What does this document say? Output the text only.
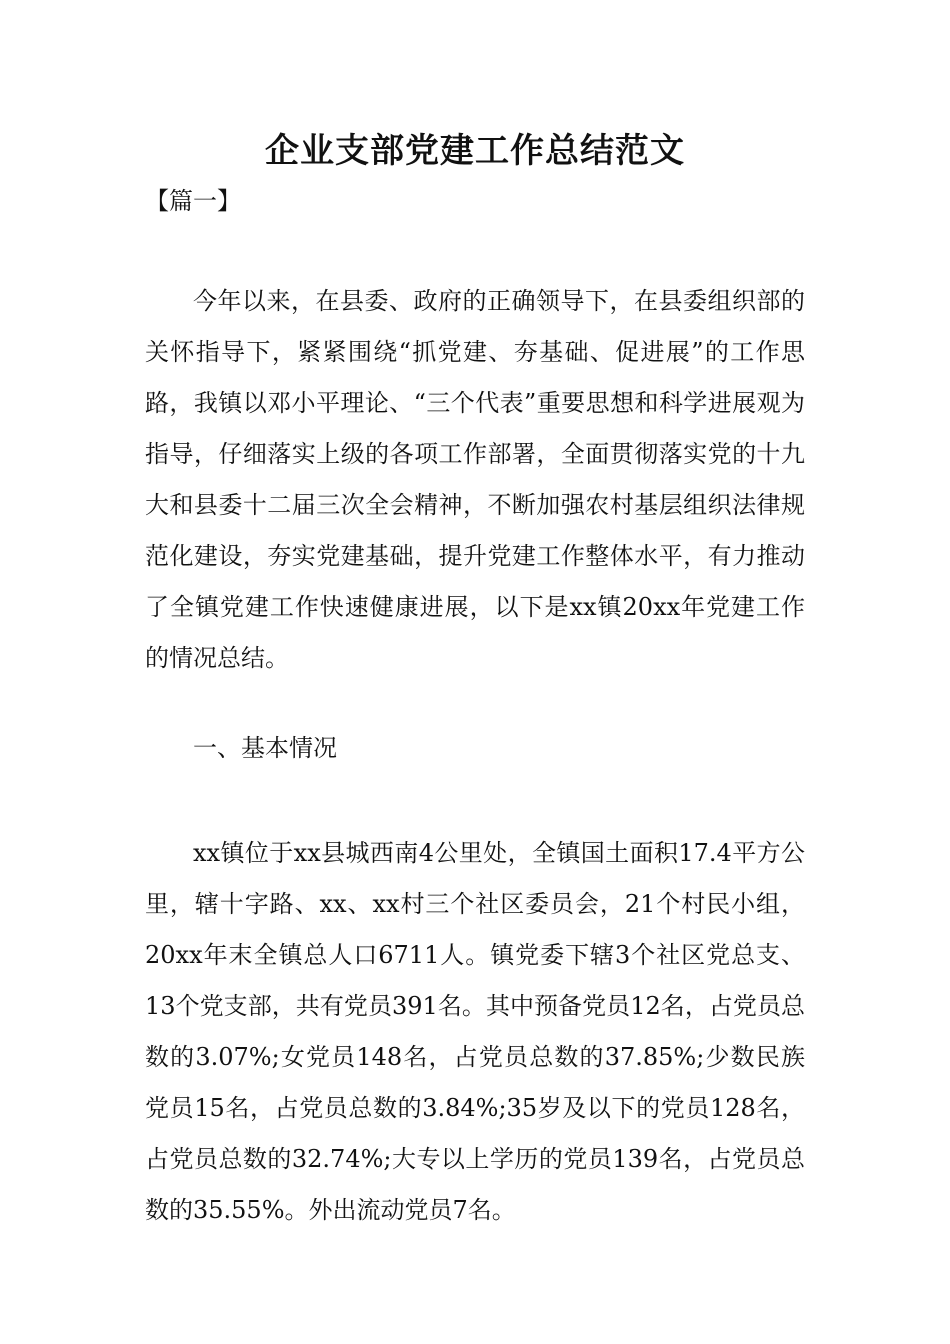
企业支部党建工作总结范文
【篇一】

今年以来，在县委、政府的正确领导下，在县委组织部的关怀指导下，紧紧围绕“抓党建、夯基础、促进展”的工作思路，我镇以邓小平理论、“三个代表”重要思想和科学进展观为指导，仔细落实上级的各项工作部署，全面贯彻落实党的十九大和县委十二届三次全会精神，不断加强农村基层组织法律规范化建设，夯实党建基础，提升党建工作整体水平，有力推动了全镇党建工作快速健康进展，以下是xx镇20xx年党建工作的情况总结。

一、基本情况

xx镇位于xx县城西南4公里处，全镇国土面积17.4平方公里，辖十字路、xx、xx村三个社区委员会，21个村民小组，20xx年末全镇总人口6711人。镇党委下辖3个社区党总支、13个党支部，共有党员391名。其中预备党员12名，占党员总数的3.07%;女党员148名，占党员总数的37.85%;少数民族党员15名，占党员总数的3.84%;35岁及以下的党员128名，占党员总数的32.74%;大专以上学历的党员139名，占党员总数的35.55%。外出流动党员7名。
